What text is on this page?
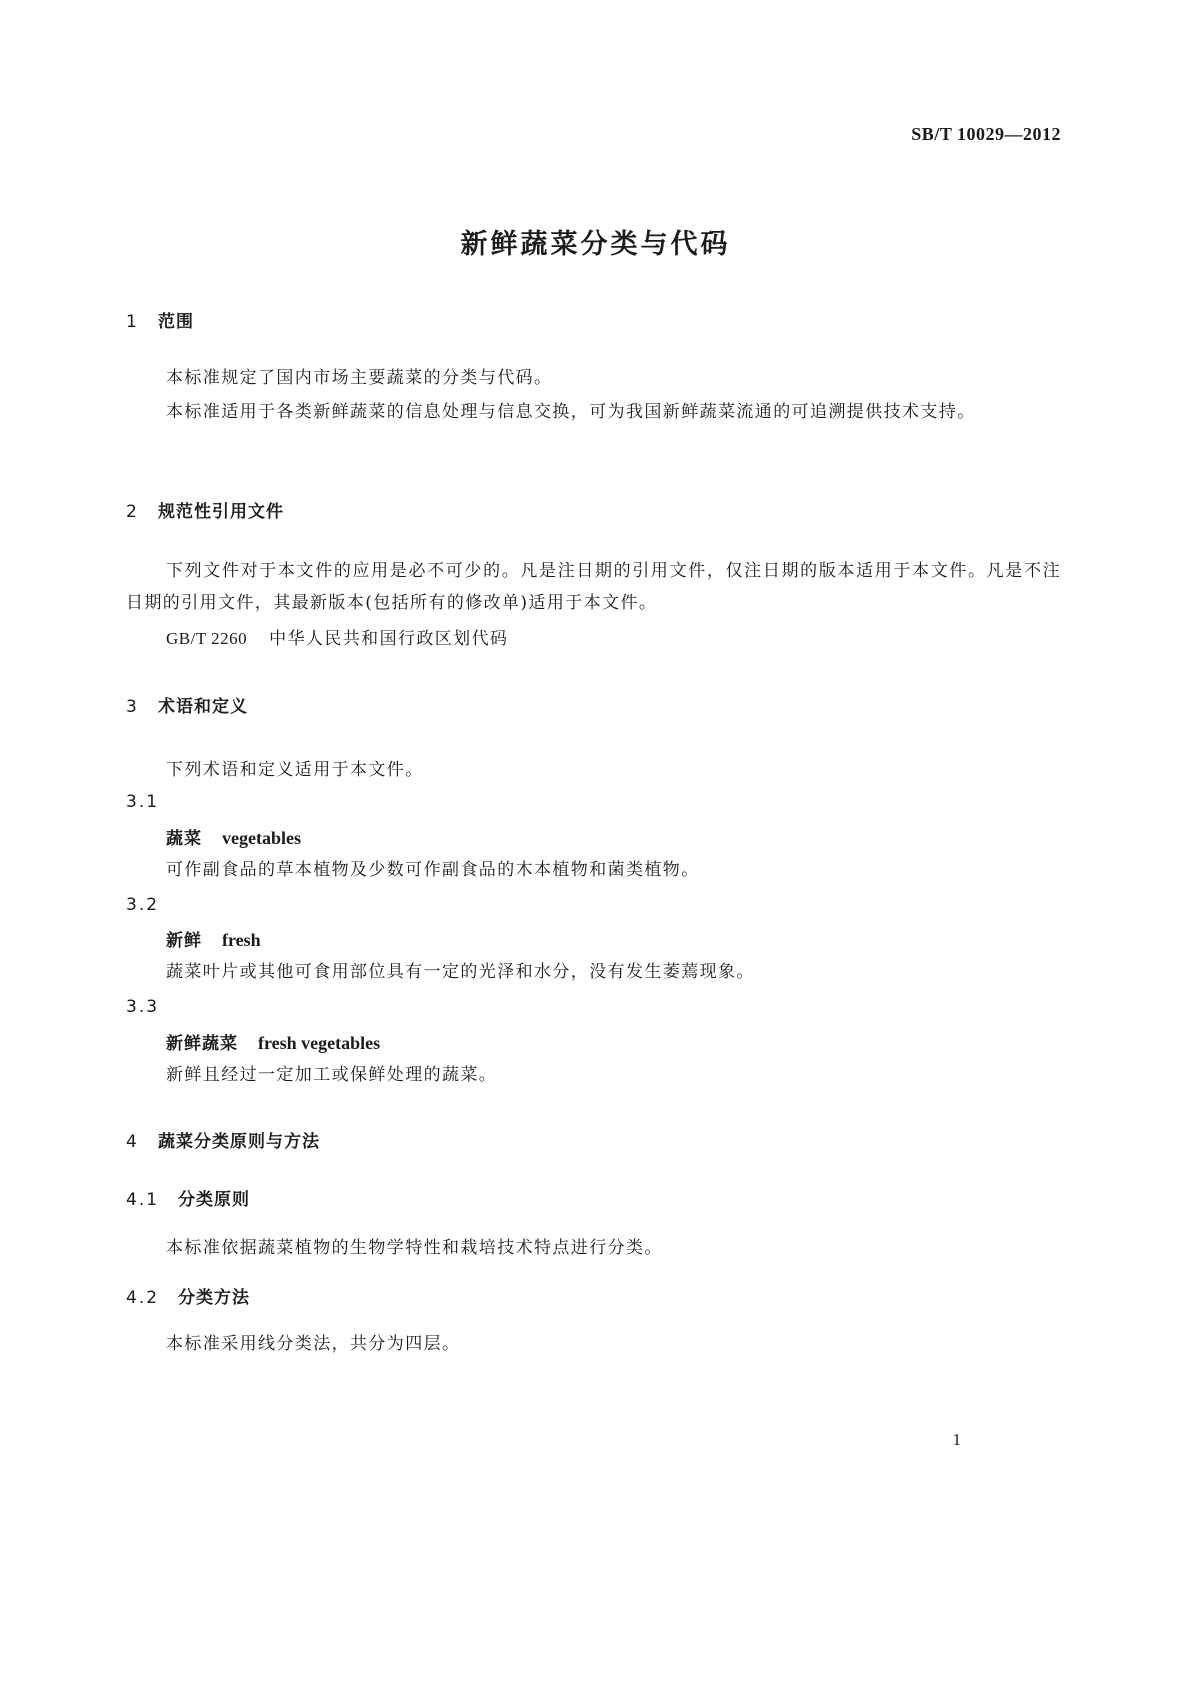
SB/T 10029—2012
新鲜蔬菜分类与代码
1 范围
本标准规定了国内市场主要蔬菜的分类与代码。
本标准适用于各类新鲜蔬菜的信息处理与信息交换，可为我国新鲜蔬菜流通的可追溯提供技术支持。
2 规范性引用文件
下列文件对于本文件的应用是必不可少的。凡是注日期的引用文件，仅注日期的版本适用于本文件。凡是不注日期的引用文件，其最新版本(包括所有的修改单)适用于本文件。
GB/T 2260 中华人民共和国行政区划代码
3 术语和定义
下列术语和定义适用于本文件。
3.1
蔬菜 vegetables
可作副食品的草本植物及少数可作副食品的木本植物和菌类植物。
3.2
新鲜 fresh
蔬菜叶片或其他可食用部位具有一定的光泽和水分，没有发生萎蔫现象。
3.3
新鲜蔬菜 fresh vegetables
新鲜且经过一定加工或保鲜处理的蔬菜。
4 蔬菜分类原则与方法
4.1 分类原则
本标准依据蔬菜植物的生物学特性和栽培技术特点进行分类。
4.2 分类方法
本标准采用线分类法，共分为四层。
1
